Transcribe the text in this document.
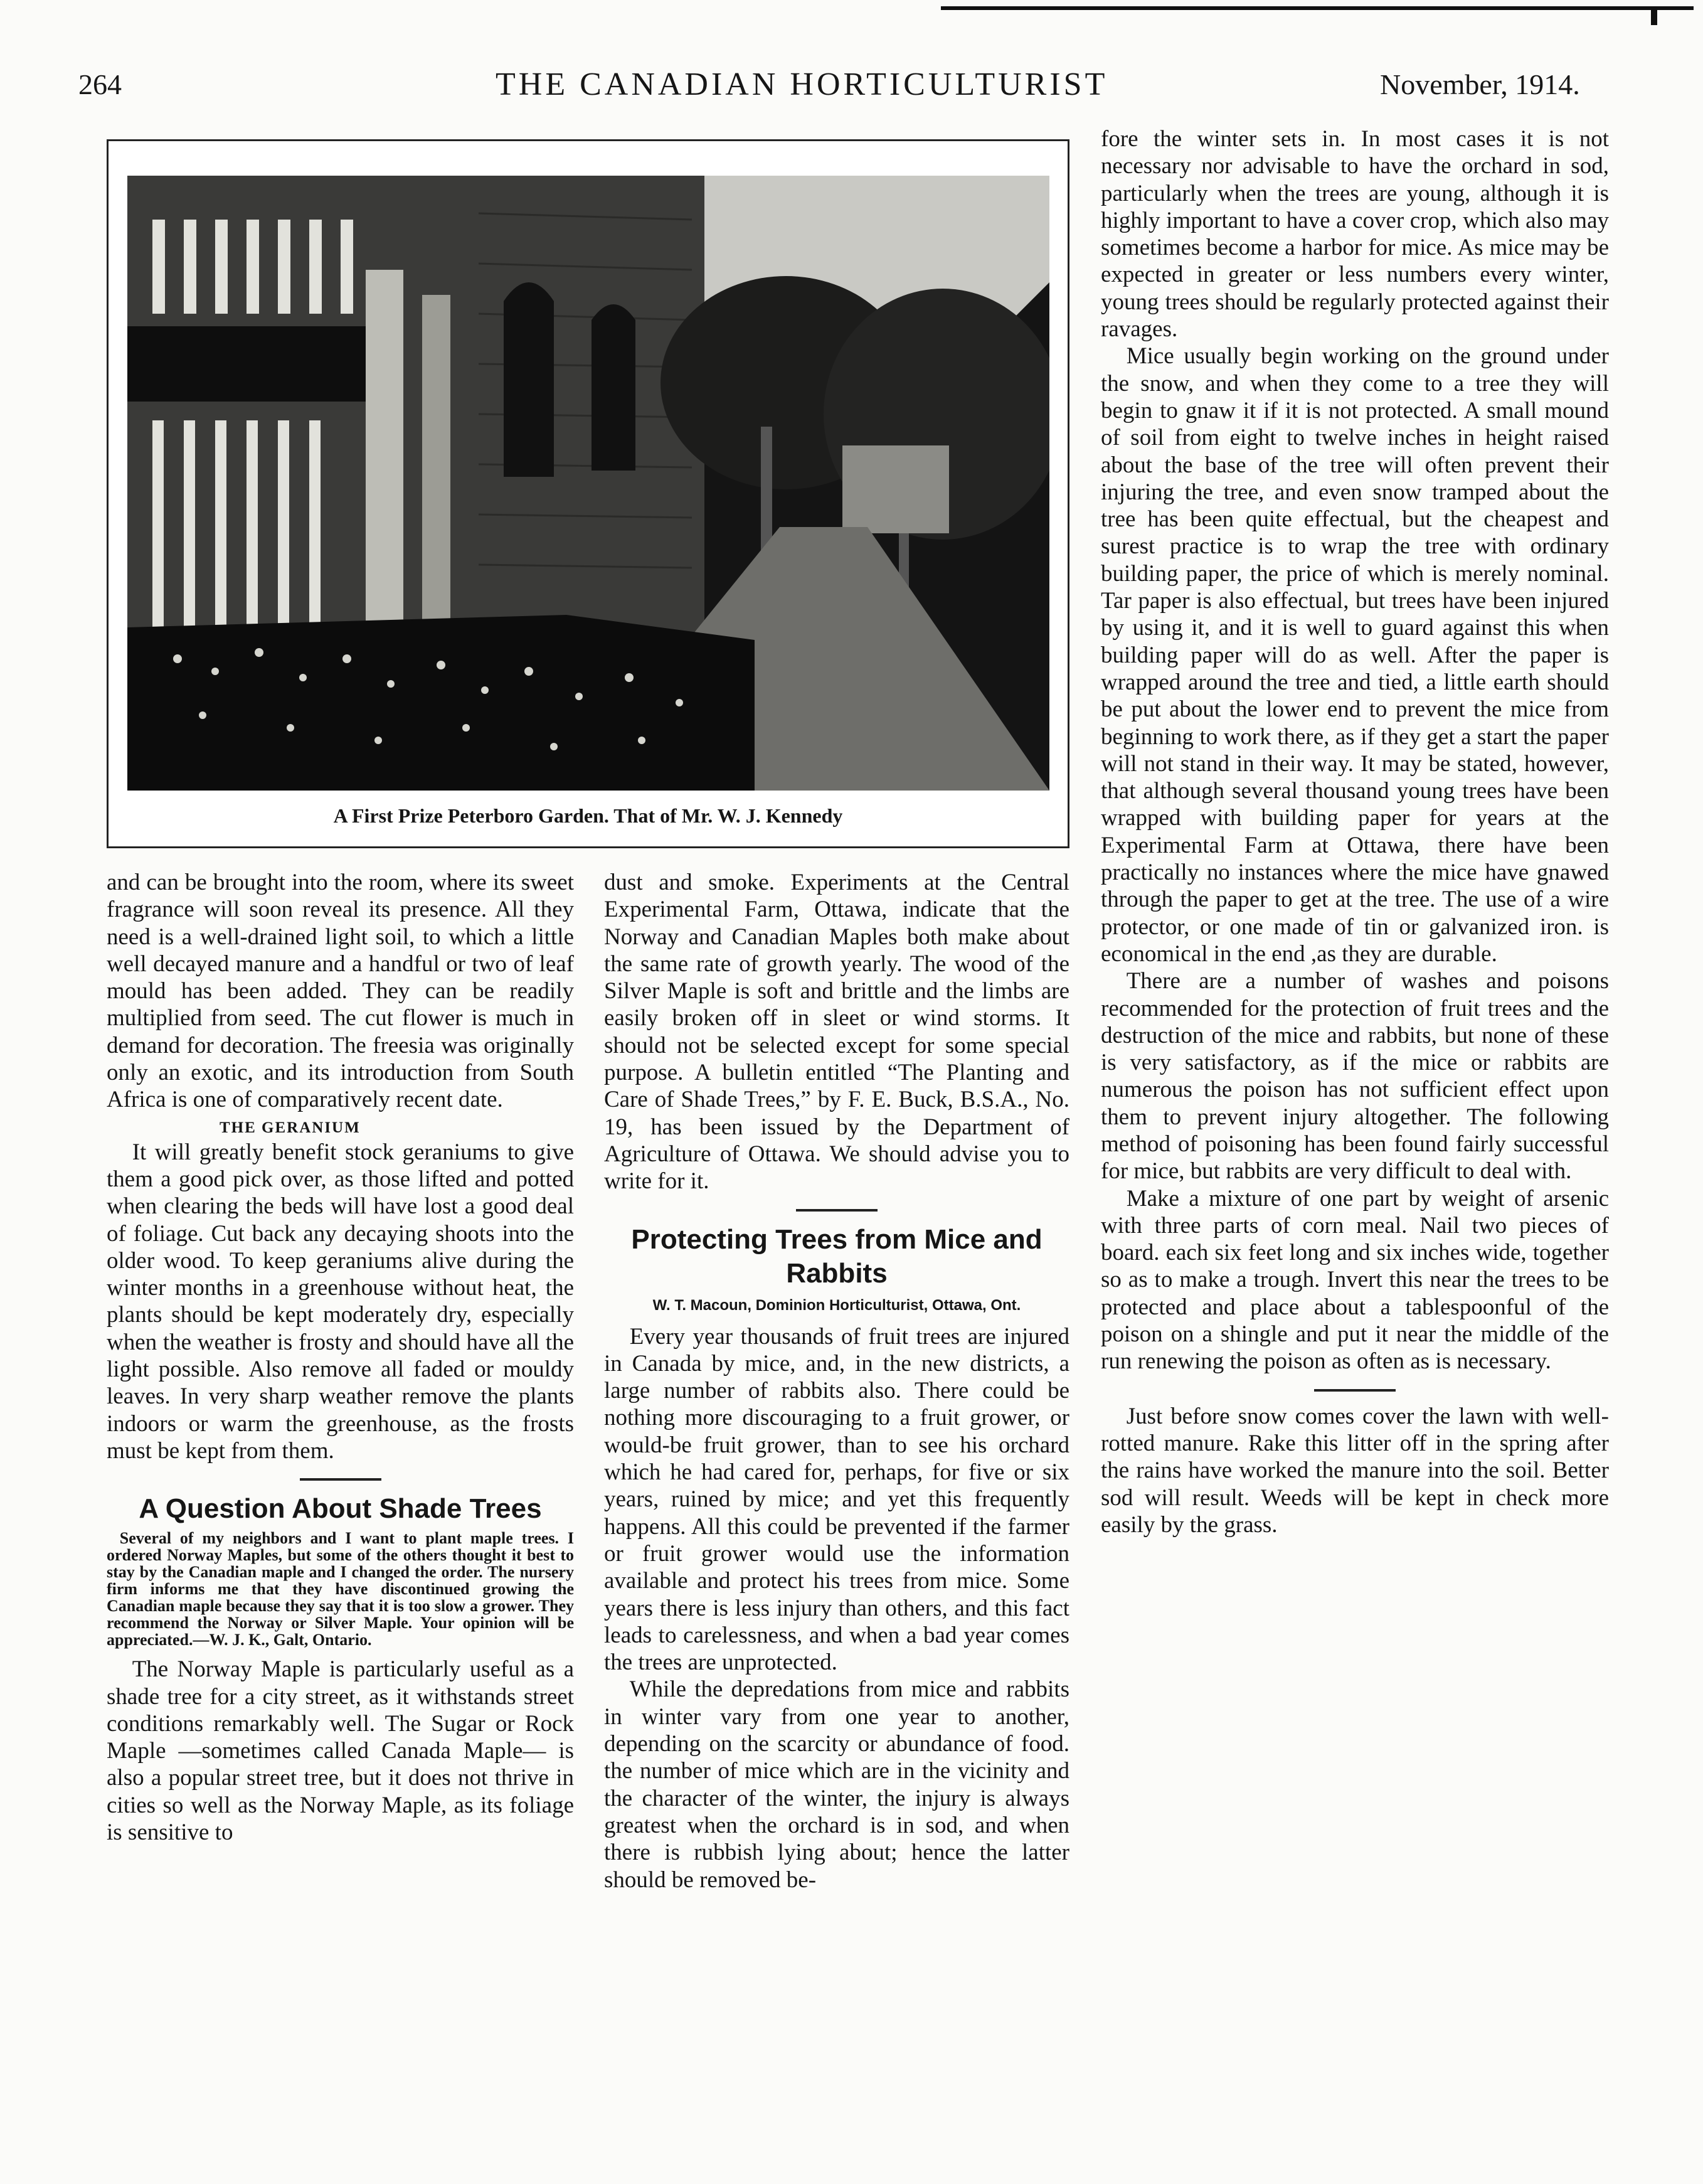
264	THE CANADIAN HORTICULTURIST	November, 1914.
A First Prize Peterboro Garden. That of Mr. W. J. Kennedy

and can be brought into the room, where its sweet fragrance will soon reveal its presence. All they need is a well-drained light soil, to which a little well decayed manure and a handful or two of leaf mould has been added. They can be readily multiplied from seed. The cut flower is much in demand for decoration. The freesia was originally only an exotic, and its introduction from South Africa is one of comparatively recent date.

THE GERANIUM

It will greatly benefit stock geraniums to give them a good pick over, as those lifted and potted when clearing the beds will have lost a good deal of foliage. Cut back any decaying shoots into the older wood. To keep geraniums alive during the winter months in a greenhouse without heat, the plants should be kept moderately dry, especially when the weather is frosty and should have all the light possible. Also remove all faded or mouldy leaves. In very sharp weather remove the plants indoors or warm the greenhouse, as the frosts must be kept from them.

A Question About Shade Trees
Several of my neighbors and I want to plant maple trees. I ordered Norway Maples, but some of the others thought it best to stay by the Canadian maple and I changed the order. The nursery firm informs me that they have discontinued growing the Canadian maple because they say that it is too slow a grower. They recommend the Norway or Silver Maple. Your opinion will be appreciated.—W. J. K., Galt, Ontario.

The Norway Maple is particularly useful as a shade tree for a city street, as it withstands street conditions remarkably well. The Sugar or Rock Maple —sometimes called Canada Maple— is also a popular street tree, but it does not thrive in cities so well as the Norway Maple, as its foliage is sensitive to

dust and smoke. Experiments at the Central Experimental Farm, Ottawa, indicate that the Norway and Canadian Maples both make about the same rate of growth yearly. The wood of the Silver Maple is soft and brittle and the limbs are easily broken off in sleet or wind storms. It should not be selected except for some special purpose. A bulletin entitled “The Planting and Care of Shade Trees,” by F. E. Buck, B.S.A., No. 19, has been issued by the Department of Agriculture of Ottawa. We should advise you to write for it.

Protecting Trees from Mice and Rabbits
W. T. Macoun, Dominion Horticulturist, Ottawa, Ont.

Every year thousands of fruit trees are injured in Canada by mice, and, in the new districts, a large number of rabbits also. There could be nothing more discouraging to a fruit grower, or would-be fruit grower, than to see his orchard which he had cared for, perhaps, for five or six years, ruined by mice; and yet this frequently happens. All this could be prevented if the farmer or fruit grower would use the information available and protect his trees from mice. Some years there is less injury than others, and this fact leads to carelessness, and when a bad year comes the trees are unprotected.

While the depredations from mice and rabbits in winter vary from one year to another, depending on the scarcity or abundance of food. the number of mice which are in the vicinity and the character of the winter, the injury is always greatest when the orchard is in sod, and when there is rubbish lying about; hence the latter should be removed be-

fore the winter sets in. In most cases it is not necessary nor advisable to have the orchard in sod, particularly when the trees are young, although it is highly important to have a cover crop, which also may sometimes become a harbor for mice. As mice may be expected in greater or less numbers every winter, young trees should be regularly protected against their ravages.

Mice usually begin working on the ground under the snow, and when they come to a tree they will begin to gnaw it if it is not protected. A small mound of soil from eight to twelve inches in height raised about the base of the tree will often prevent their injuring the tree, and even snow tramped about the tree has been quite effectual, but the cheapest and surest practice is to wrap the tree with ordinary building paper, the price of which is merely nominal. Tar paper is also effectual, but trees have been injured by using it, and it is well to guard against this when building paper will do as well. After the paper is wrapped around the tree and tied, a little earth should be put about the lower end to prevent the mice from beginning to work there, as if they get a start the paper will not stand in their way. It may be stated, however, that although several thousand young trees have been wrapped with building paper for years at the Experimental Farm at Ottawa, there have been practically no instances where the mice have gnawed through the paper to get at the tree. The use of a wire protector, or one made of tin or galvanized iron. is economical in the end ,as they are durable.

There are a number of washes and poisons recommended for the protection of fruit trees and the destruction of the mice and rabbits, but none of these is very satisfactory, as if the mice or rabbits are numerous the poison has not sufficient effect upon them to prevent injury altogether. The following method of poisoning has been found fairly successful for mice, but rabbits are very difficult to deal with.

Make a mixture of one part by weight of arsenic with three parts of corn meal. Nail two pieces of board. each six feet long and six inches wide, together so as to make a trough. Invert this near the trees to be protected and place about a tablespoonful of the poison on a shingle and put it near the middle of the run renewing the poison as often as is necessary.

Just before snow comes cover the lawn with well-rotted manure. Rake this litter off in the spring after the rains have worked the manure into the soil. Better sod will result. Weeds will be kept in check more easily by the grass.
